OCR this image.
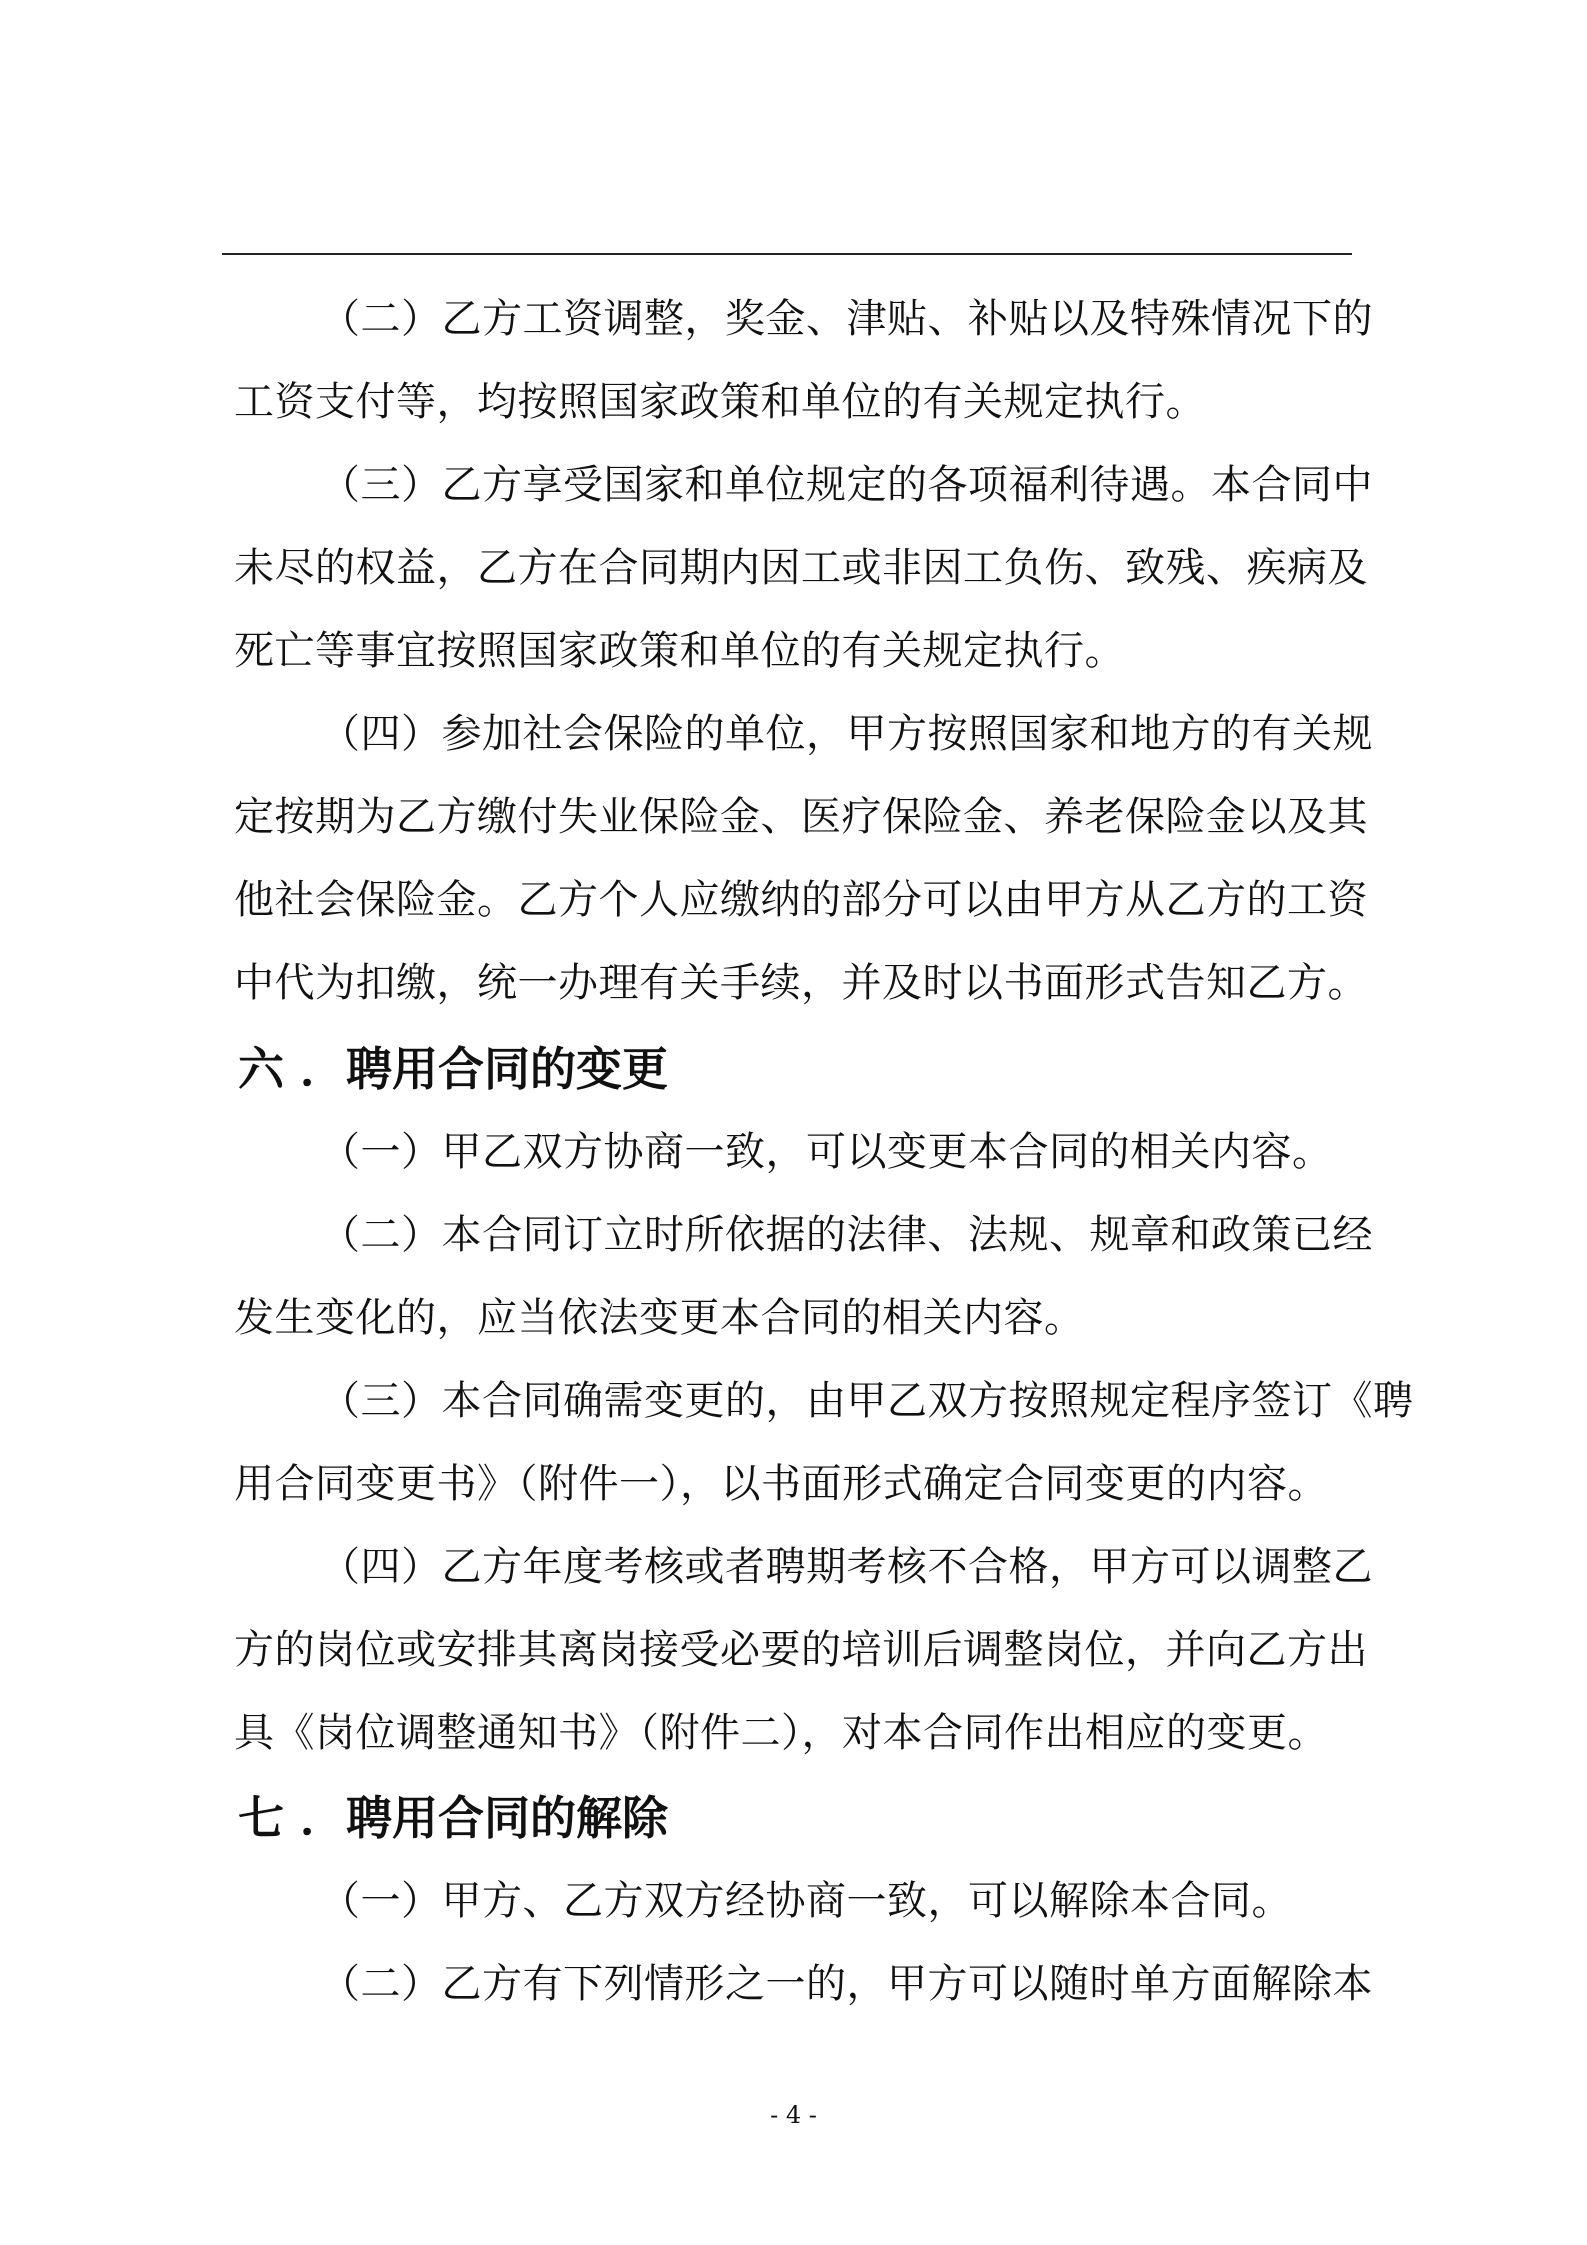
（二）乙方工资调整，奖金、津贴、补贴以及特殊情况下的
工资支付等，均按照国家政策和单位的有关规定执行。
（三）乙方享受国家和单位规定的各项福利待遇。本合同中
未尽的权益，乙方在合同期内因工或非因工负伤、致残、疾病及
死亡等事宜按照国家政策和单位的有关规定执行。
（四）参加社会保险的单位，甲方按照国家和地方的有关规
定按期为乙方缴付失业保险金、医疗保险金、养老保险金以及其
他社会保险金。乙方个人应缴纳的部分可以由甲方从乙方的工资
中代为扣缴，统一办理有关手续，并及时以书面形式告知乙方。
六 ．聘用合同的变更
（一）甲乙双方协商一致，可以变更本合同的相关内容。
（二）本合同订立时所依据的法律、法规、规章和政策已经
发生变化的，应当依法变更本合同的相关内容。
（三）本合同确需变更的，由甲乙双方按照规定程序签订《聘
用合同变更书》（附件一），以书面形式确定合同变更的内容。
（四）乙方年度考核或者聘期考核不合格，甲方可以调整乙
方的岗位或安排其离岗接受必要的培训后调整岗位，并向乙方出
具《岗位调整通知书》（附件二），对本合同作出相应的变更。
七 ．聘用合同的解除
（一）甲方、乙方双方经协商一致，可以解除本合同。
（二）乙方有下列情形之一的，甲方可以随时单方面解除本
- 4 -
